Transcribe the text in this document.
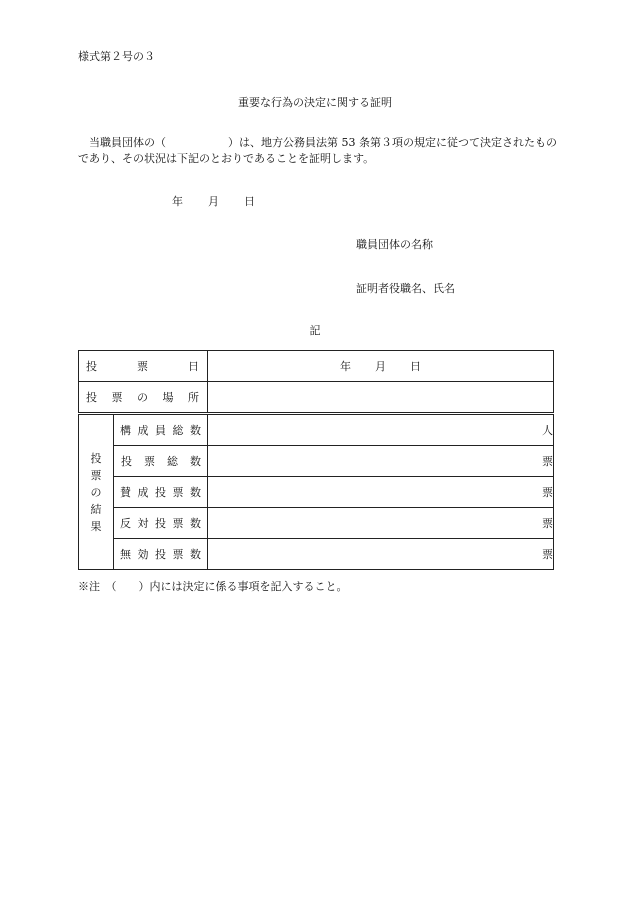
様式第２号の３
重要な行為の決定に関する証明
当職員団体の（	）は、地方公務員法第 53 条第３項の規定に従つて決定されたものであり、その状況は下記のとおりであることを証明します。
年 月 日
職員団体の名称
証明者役職名、氏名
記
投 票 日		年 月 日

投 票 の 場 所		

投
票
の
結
果	構 成 員 総 数	人

	投 票 総 数	票

	賛 成 投 票 数	票

	反 対 投 票 数	票

	無 効 投 票 数	票
※注　（　　）内には決定に係る事項を記入すること。
